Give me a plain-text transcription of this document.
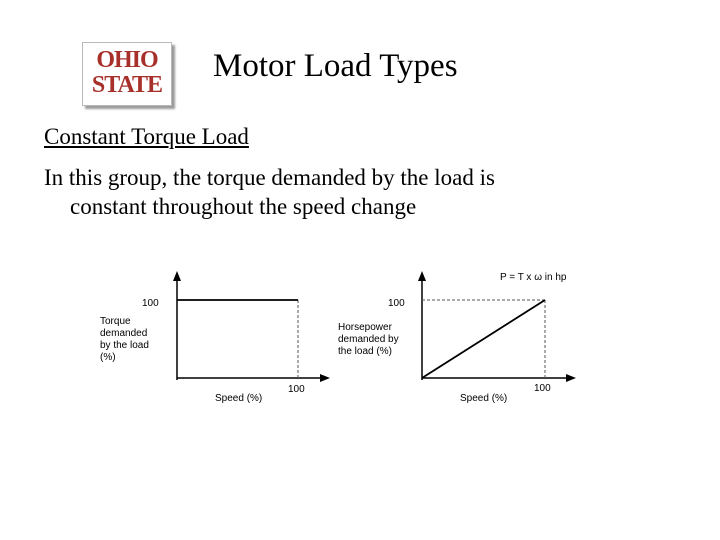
OHIO
STATE
Motor Load Types
Constant Torque Load
In this group, the torque demanded by the load is
constant throughout the speed change
100
100
Speed (%)
Torque demanded by the load (%)
P = T x ω in hp
100
100
Speed (%)
Horsepower demanded by the load (%)
